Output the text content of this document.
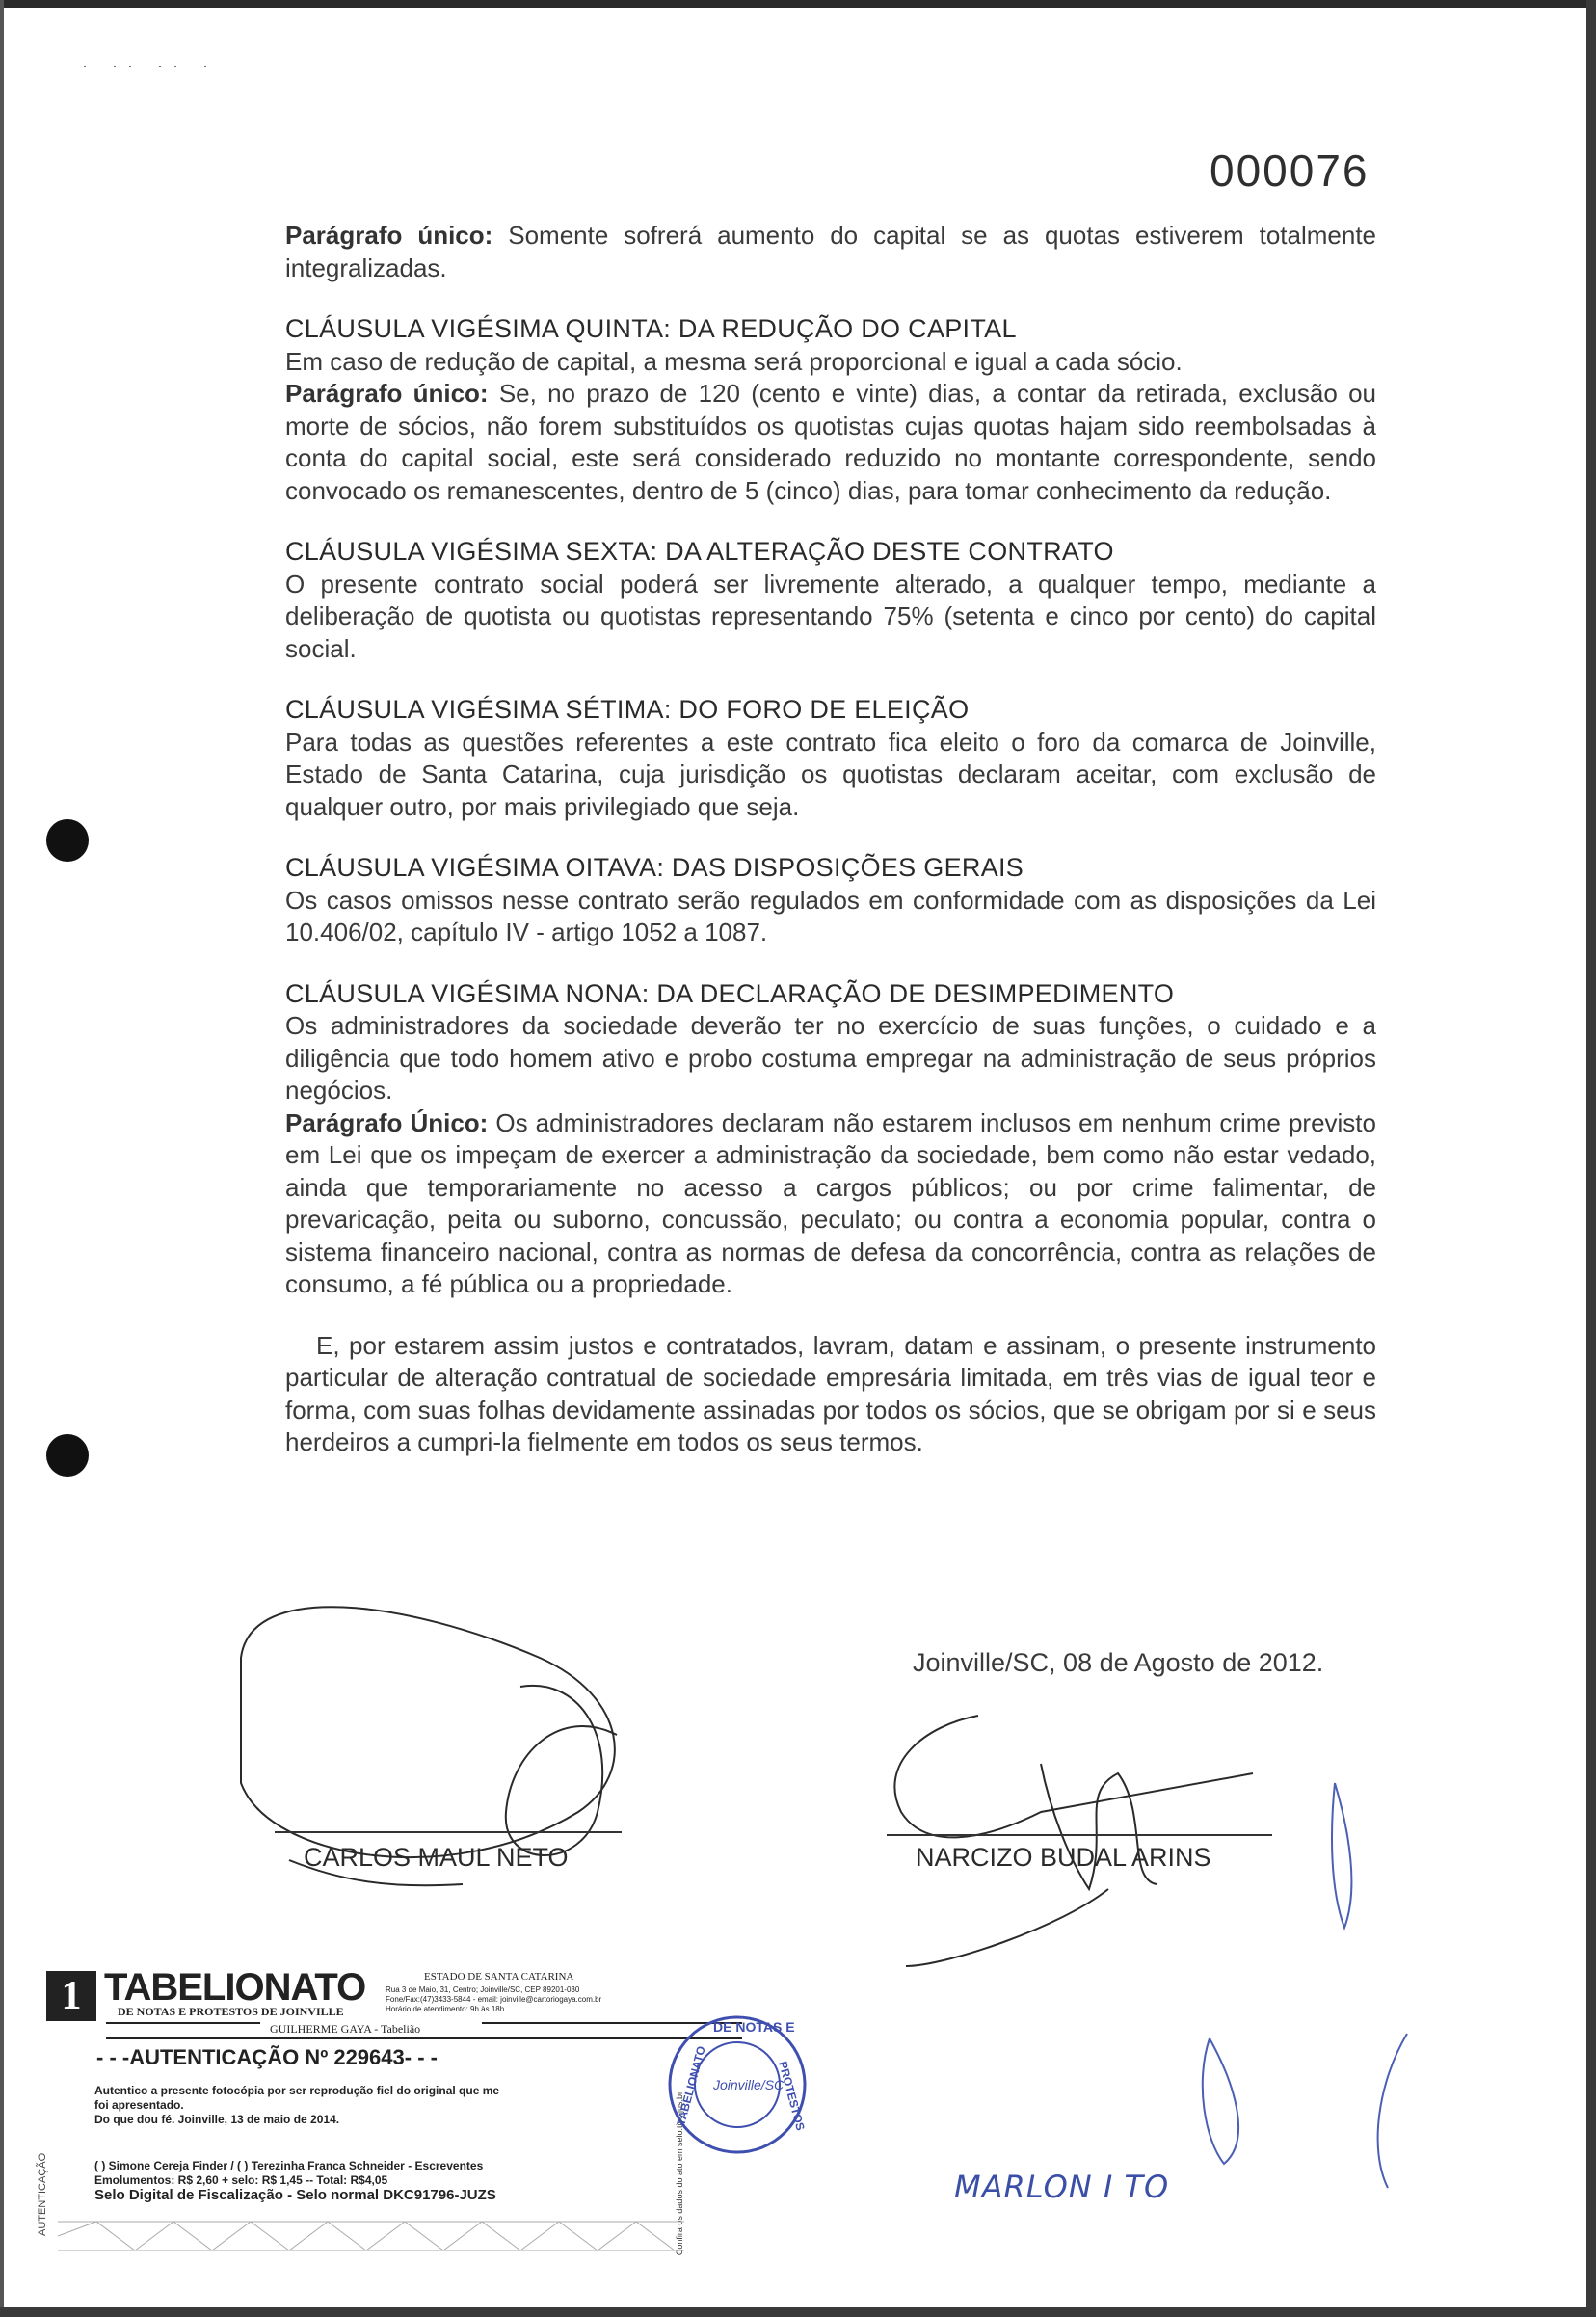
· ·· ·· ·
000076

Parágrafo único: Somente sofrerá aumento do capital se as quotas estiverem totalmente integralizadas.

CLÁUSULA VIGÉSIMA QUINTA: DA REDUÇÃO DO CAPITAL

Em caso de redução de capital, a mesma será proporcional e igual a cada sócio.

Parágrafo único: Se, no prazo de 120 (cento e vinte) dias, a contar da retirada, exclusão ou morte de sócios, não forem substituídos os quotistas cujas quotas hajam sido reembolsadas à conta do capital social, este será considerado reduzido no montante correspondente, sendo convocado os remanescentes, dentro de 5 (cinco) dias, para tomar conhecimento da redução.

CLÁUSULA VIGÉSIMA SEXTA: DA ALTERAÇÃO DESTE CONTRATO

O presente contrato social poderá ser livremente alterado, a qualquer tempo, mediante a deliberação de quotista ou quotistas representando 75% (setenta e cinco por cento) do capital social.

CLÁUSULA VIGÉSIMA SÉTIMA: DO FORO DE ELEIÇÃO

Para todas as questões referentes a este contrato fica eleito o foro da comarca de Joinville, Estado de Santa Catarina, cuja jurisdição os quotistas declaram aceitar, com exclusão de qualquer outro, por mais privilegiado que seja.

CLÁUSULA VIGÉSIMA OITAVA: DAS DISPOSIÇÕES GERAIS

Os casos omissos nesse contrato serão regulados em conformidade com as disposições da Lei 10.406/02, capítulo IV - artigo 1052 a 1087.

CLÁUSULA VIGÉSIMA NONA: DA DECLARAÇÃO DE DESIMPEDIMENTO

Os administradores da sociedade deverão ter no exercício de suas funções, o cuidado e a diligência que todo homem ativo e probo costuma empregar na administração de seus próprios negócios.

Parágrafo Único: Os administradores declaram não estarem inclusos em nenhum crime previsto em Lei que os impeçam de exercer a administração da sociedade, bem como não estar vedado, ainda que temporariamente no acesso a cargos públicos; ou por crime falimentar, de prevaricação, peita ou suborno, concussão, peculato; ou contra a economia popular, contra o sistema financeiro nacional, contra as normas de defesa da concorrência, contra as relações de consumo, a fé pública ou a propriedade.

E, por estarem assim justos e contratados, lavram, datam e assinam, o presente instrumento particular de alteração contratual de sociedade empresária limitada, em três vias de igual teor e forma, com suas folhas devidamente assinadas por todos os sócios, que se obrigam por si e seus herdeiros a cumpri-la fielmente em todos os seus termos.

Joinville/SC, 08 de Agosto de 2012.
CARLOS MAUL NETO	NARCIZO BUDAL ARINS
MARLON I TO
1 TABELIONATO
DE NOTAS E PROTESTOS DE JOINVILLE
ESTADO DE SANTA CATARINA
Rua 3 de Maio, 31, Centro; Joinville/SC, CEP 89201-030
Fone/Fax:(47)3433-5844 - email: joinville@cartoriogaya.com.br
Horário de atendimento: 9h às 18h
GUILHERME GAYA - Tabelião
- - -AUTENTICAÇÃO Nº 229643- - -
Autentico a presente fotocópia por ser reprodução fiel do original que me foi apresentado.
Do que dou fé. Joinville, 13 de maio de 2014.
( ) Simone Cereja Finder / ( ) Terezinha Franca Schneider - Escreventes
Emolumentos: R$ 2,60 + selo: R$ 1,45 -- Total: R$4,05
Selo Digital de Fiscalização - Selo normal DKC91796-JUZS
AUTENTICAÇÃO	Confira os dados do ato em selo.tjsc.jus.br
DE NOTAS E
PROTESTOS
TABELIONATO Joinville/SC
